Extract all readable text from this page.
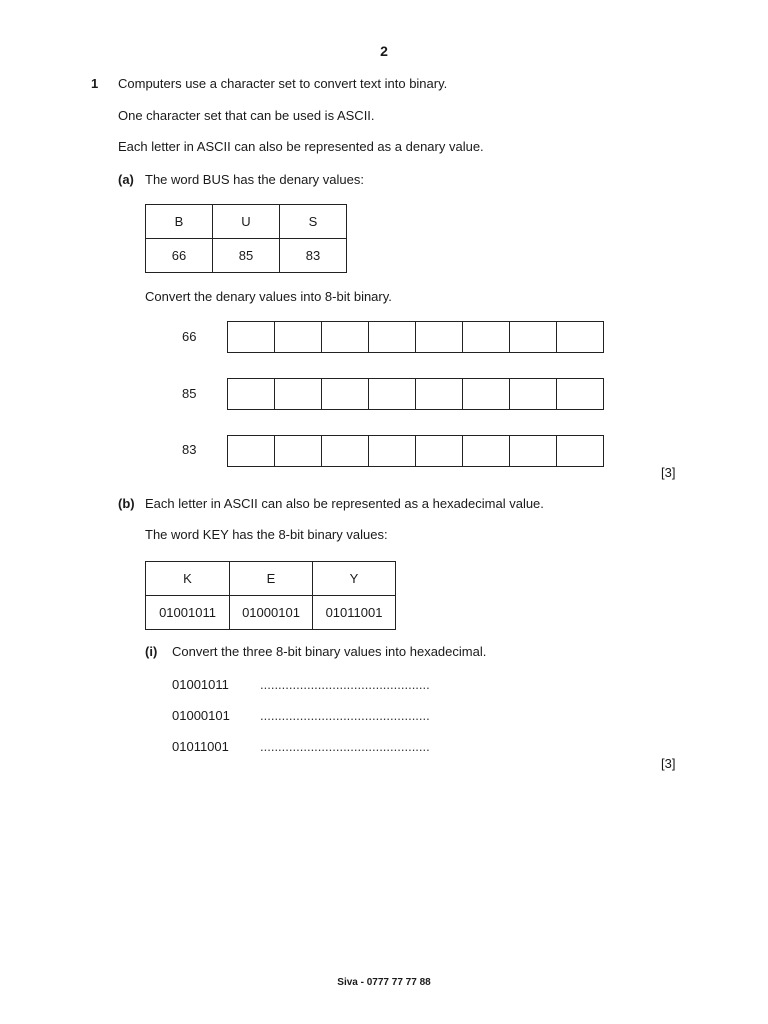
2
1 Computers use a character set to convert text into binary.
One character set that can be used is ASCII.
Each letter in ASCII can also be represented as a denary value.
(a) The word BUS has the denary values:
B	U	S
66	85	83
Convert the denary values into 8-bit binary.
66
85
83
[3]
(b) Each letter in ASCII can also be represented as a hexadecimal value.
The word KEY has the 8-bit binary values:
K	E	Y
01001011	01000101	01011001
(i) Convert the three 8-bit binary values into hexadecimal.
01001011 ...............................................
01000101 ...............................................
01011001 ...............................................
[3]
Siva - 0777 77 77 88
